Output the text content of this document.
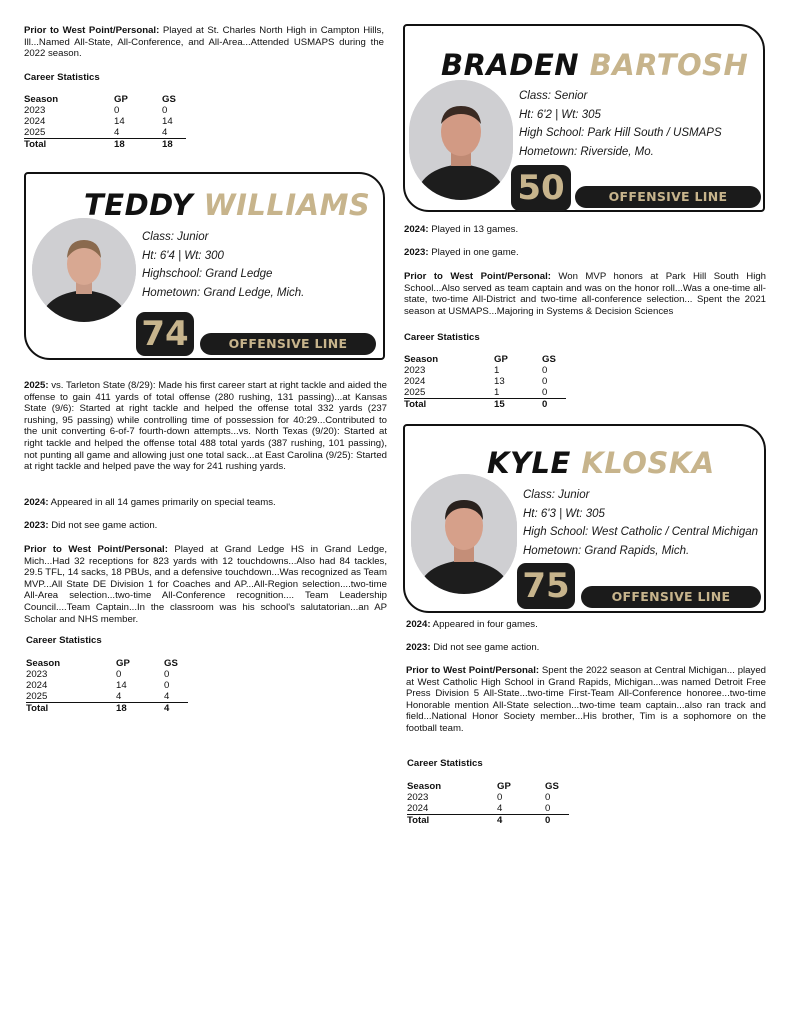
Prior to West Point/Personal: Played at St. Charles North High in Campton Hills, Ill...Named All-State, All-Conference, and All-Area...Attended USMAPS during the 2022 season.
Career Statistics
Season	GP	GS
2023	0	0
2024	14	14
2025	4	4
Total	18	18
TEDDY WILLIAMS
Class: Junior
Ht: 6'4 | Wt: 300
Highschool: Grand Ledge
Hometown: Grand Ledge, Mich.
74	OFFENSIVE LINE
2025: vs. Tarleton State (8/29): Made his first career start at right tackle and aided the offense to gain 411 yards of total offense (280 rushing, 131 passing)...at Kansas State (9/6): Started at right tackle and helped the offense total 332 yards (237 rushing, 95 passing) while controlling time of possession for 40:29...Contributed to the unit converting 6-of-7 fourth-down attempts...vs. North Texas (9/20): Started at right tackle and helped the offense total 488 total yards (387 rushing, 101 passing), not punting all game and allowing just one total sack...at East Carolina (9/25): Started at right tackle and helped pave the way for 241 rushing yards.
2024: Appeared in all 14 games primarily on special teams.
2023: Did not see game action.
Prior to West Point/Personal: Played at Grand Ledge HS in Grand Ledge, Mich...Had 32 receptions for 823 yards with 12 touchdowns...Also had 84 tackles, 29.5 TFL, 14 sacks, 18 PBUs, and a defensive touchdown...Was recognized as Team MVP...All State DE Division 1 for Coaches and AP...All-Region selection....two-time All-Area selection...two-time All-Conference recognition.... Team Leadership Council....Team Captain...In the classroom was his school's salutatorian...an AP Scholar and NHS member.
Career Statistics
Season	GP	GS
2023	0	0
2024	14	0
2025	4	4
Total	18	4
BRADEN BARTOSH
Class: Senior
Ht: 6'2 | Wt: 305
High School: Park Hill South / USMAPS
Hometown: Riverside, Mo.
50	OFFENSIVE LINE
2024: Played in 13 games.
2023: Played in one game.
Prior to West Point/Personal: Won MVP honors at Park Hill South High School...Also served as team captain and was on the honor roll...Was a one-time all-state, two-time All-District and two-time all-conference selection... Spent the 2021 season at USMAPS...Majoring in Systems & Decision Sciences
Career Statistics
Season	GP	GS
2023	1	0
2024	13	0
2025	1	0
Total	15	0
KYLE KLOSKA
Class: Junior
Ht: 6'3 | Wt: 305
High School: West Catholic / Central Michigan
Hometown: Grand Rapids, Mich.
75	OFFENSIVE LINE
2024: Appeared in four games.
2023: Did not see game action.
Prior to West Point/Personal: Spent the 2022 season at Central Michigan... played at West Catholic High School in Grand Rapids, Michigan...was named Detroit Free Press Division 5 All-State...two-time First-Team All-Conference honoree...two-time Honorable mention All-State selection...two-time team captain...also ran track and field...National Honor Society member...His brother, Tim is a sophomore on the football team.
Career Statistics
Season	GP	GS
2023	0	0
2024	4	0
Total	4	0
